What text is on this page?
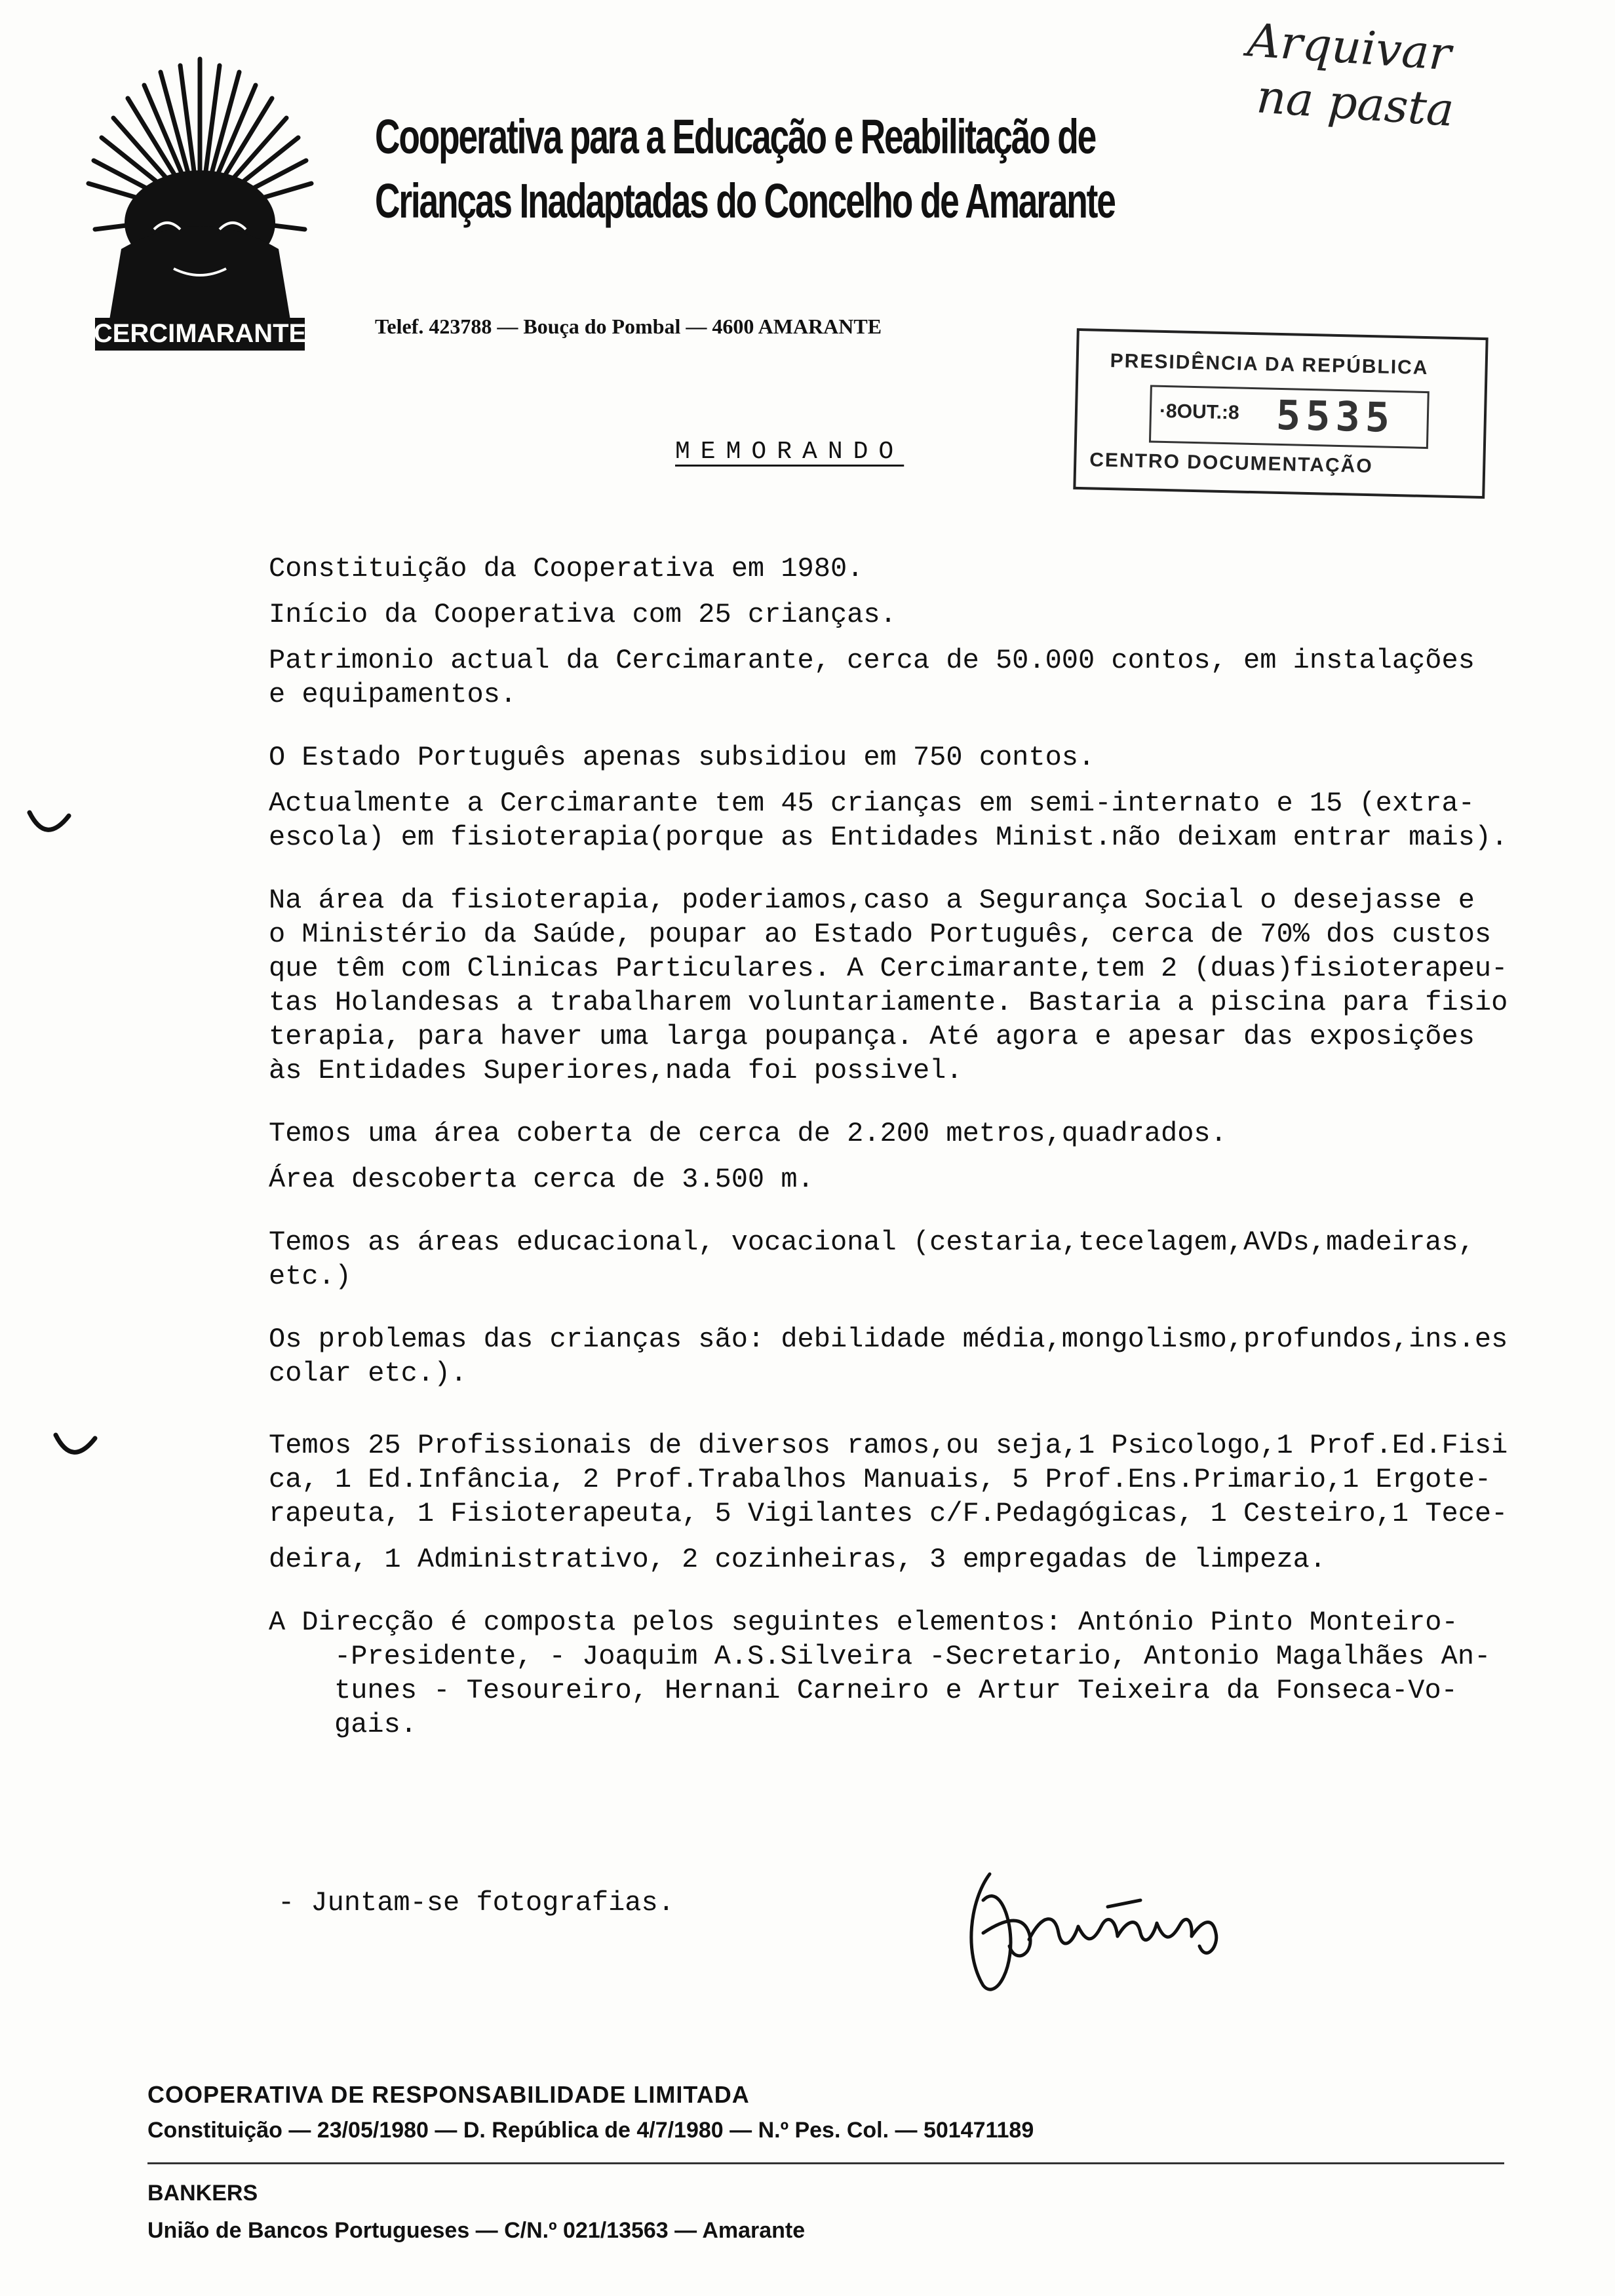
CERCIMARANTE
Cooperativa para a Educação e Reabilitação de
Crianças Inadaptadas do Concelho de Amarante
Telef. 423788 — Bouça do Pombal — 4600 AMARANTE
Arquivar
na pasta
PRESIDÊNCIA DA REPÚBLICA
·8OUT.:8 5535
CENTRO DOCUMENTAÇÃO
MEMORANDO
Constituição da Cooperativa em 1980.
Início da Cooperativa com 25 crianças.
Patrimonio actual da Cercimarante, cerca de 50.000 contos, em instalações
e equipamentos.
O Estado Português apenas subsidiou em 750 contos.
Actualmente a Cercimarante tem 45 crianças em semi-internato e 15 (extra-
escola) em fisioterapia(porque as Entidades Minist.não deixam entrar mais).
Na área da fisioterapia, poderiamos,caso a Segurança Social o desejasse e
o Ministério da Saúde, poupar ao Estado Português, cerca de 70% dos custos
que têm com Clinicas Particulares. A Cercimarante,tem 2 (duas)fisioterapeu-
tas Holandesas a trabalharem voluntariamente. Bastaria a piscina para fisio
terapia, para haver uma larga poupança. Até agora e apesar das exposições
às Entidades Superiores,nada foi possivel.
Temos uma área coberta de cerca de 2.200 metros,quadrados.
Área descoberta cerca de 3.500 m.
Temos as áreas educacional, vocacional (cestaria,tecelagem,AVDs,madeiras,
etc.)
Os problemas das crianças são: debilidade média,mongolismo,profundos,ins.es
colar etc.).
Temos 25 Profissionais de diversos ramos,ou seja,1 Psicologo,1 Prof.Ed.Fisi
ca, 1 Ed.Infância, 2 Prof.Trabalhos Manuais, 5 Prof.Ens.Primario,1 Ergote-
rapeuta, 1 Fisioterapeuta, 5 Vigilantes c/F.Pedagógicas, 1 Cesteiro,1 Tece-
deira, 1 Administrativo, 2 cozinheiras, 3 empregadas de limpeza.
A Direcção é composta pelos seguintes elementos: António Pinto Monteiro-
-Presidente, - Joaquim A.S.Silveira -Secretario, Antonio Magalhães An-
tunes - Tesoureiro, Hernani Carneiro e Artur Teixeira da Fonseca-Vo-
gais.
- Juntam-se fotografias.
COOPERATIVA DE RESPONSABILIDADE LIMITADA
Constituição — 23/05/1980 — D. República de 4/7/1980 — N.º Pes. Col. — 501471189
BANKERS
União de Bancos Portugueses — C/N.º 021/13563 — Amarante
